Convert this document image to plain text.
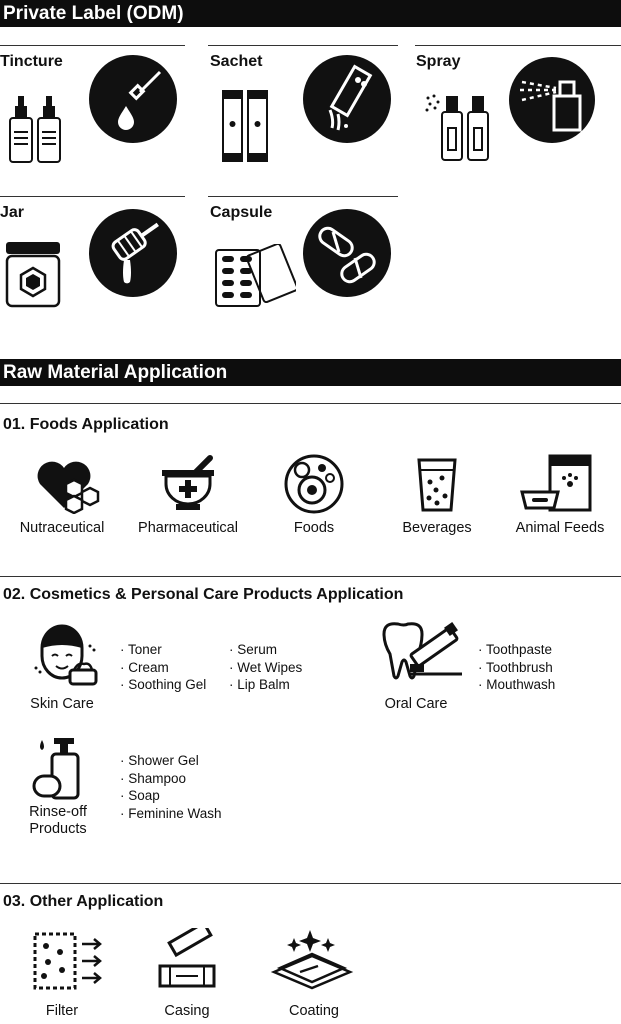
Private Label (ODM)
Tincture	Sachet	Spray
Jar	Capsule
Raw Material Application
01. Foods Application
Nutraceutical	Pharmaceutical	Foods	Beverages	Animal Feeds
02. Cosmetics & Personal Care Products Application
Skin Care
· Toner
· Cream
· Soothing Gel
· Serum
· Wet Wipes
· Lip Balm
Oral Care
· Toothpaste
· Toothbrush
· Mouthwash
Rinse-off
Products
· Shower Gel
· Shampoo
· Soap
· Feminine Wash
03. Other Application
Filter	Casing	Coating
